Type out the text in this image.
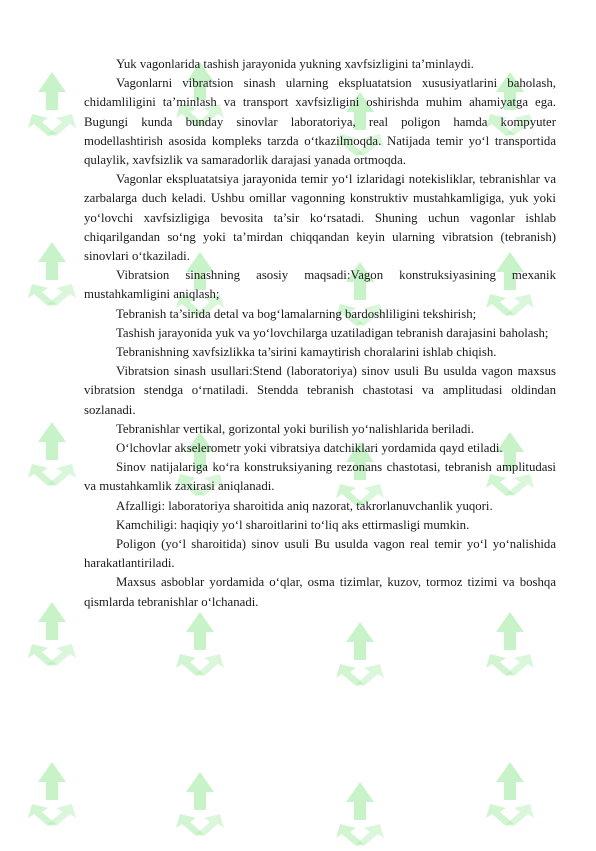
Yuk vagonlarida tashish jarayonida yukning xavfsizligini ta’minlaydi.

Vagonlarni vibratsion sinash ularning ekspluatatsion xususiyatlarini baholash, chidamliligini ta’minlash va transport xavfsizligini oshirishda muhim ahamiyatga ega. Bugungi kunda bunday sinovlar laboratoriya, real poligon hamda kompyuter modellashtirish asosida kompleks tarzda o‘tkazilmoqda. Natijada temir yo‘l transportida qulaylik, xavfsizlik va samaradorlik darajasi yanada ortmoqda.

Vagonlar ekspluatatsiya jarayonida temir yo‘l izlaridagi notekisliklar, tebranishlar va zarbalarga duch keladi. Ushbu omillar vagonning konstruktiv mustahkamligiga, yuk yoki yo‘lovchi xavfsizligiga bevosita ta’sir ko‘rsatadi. Shuning uchun vagonlar ishlab chiqarilgandan so‘ng yoki ta’mirdan chiqqandan keyin ularning vibratsion (tebranish) sinovlari o‘tkaziladi.

Vibratsion sinashning asosiy maqsadi:Vagon konstruksiyasining mexanik mustahkamligini aniqlash;

Tebranish ta’sirida detal va bog‘lamalarning bardoshliligini tekshirish;

Tashish jarayonida yuk va yo‘lovchilarga uzatiladigan tebranish darajasini baholash;

Tebranishning xavfsizlikka ta’sirini kamaytirish choralarini ishlab chiqish.

Vibratsion sinash usullari:Stend (laboratoriya) sinov usuli Bu usulda vagon maxsus vibratsion stendga o‘rnatiladi. Stendda tebranish chastotasi va amplitudasi oldindan sozlanadi.

Tebranishlar vertikal, gorizontal yoki burilish yo‘nalishlarida beriladi.

O‘lchovlar akselerometr yoki vibratsiya datchiklari yordamida qayd etiladi.

Sinov natijalariga ko‘ra konstruksiyaning rezonans chastotasi, tebranish amplitudasi va mustahkamlik zaxirasi aniqlanadi.

Afzalligi: laboratoriya sharoitida aniq nazorat, takrorlanuvchanlik yuqori.

Kamchiligi: haqiqiy yo‘l sharoitlarini to‘liq aks ettirmasligi mumkin.

Poligon (yo‘l sharoitida) sinov usuli Bu usulda vagon real temir yo‘l yo‘nalishida harakatlantiriladi.

Maxsus asboblar yordamida o‘qlar, osma tizimlar, kuzov, tormoz tizimi va boshqa qismlarda tebranishlar o‘lchanadi.
